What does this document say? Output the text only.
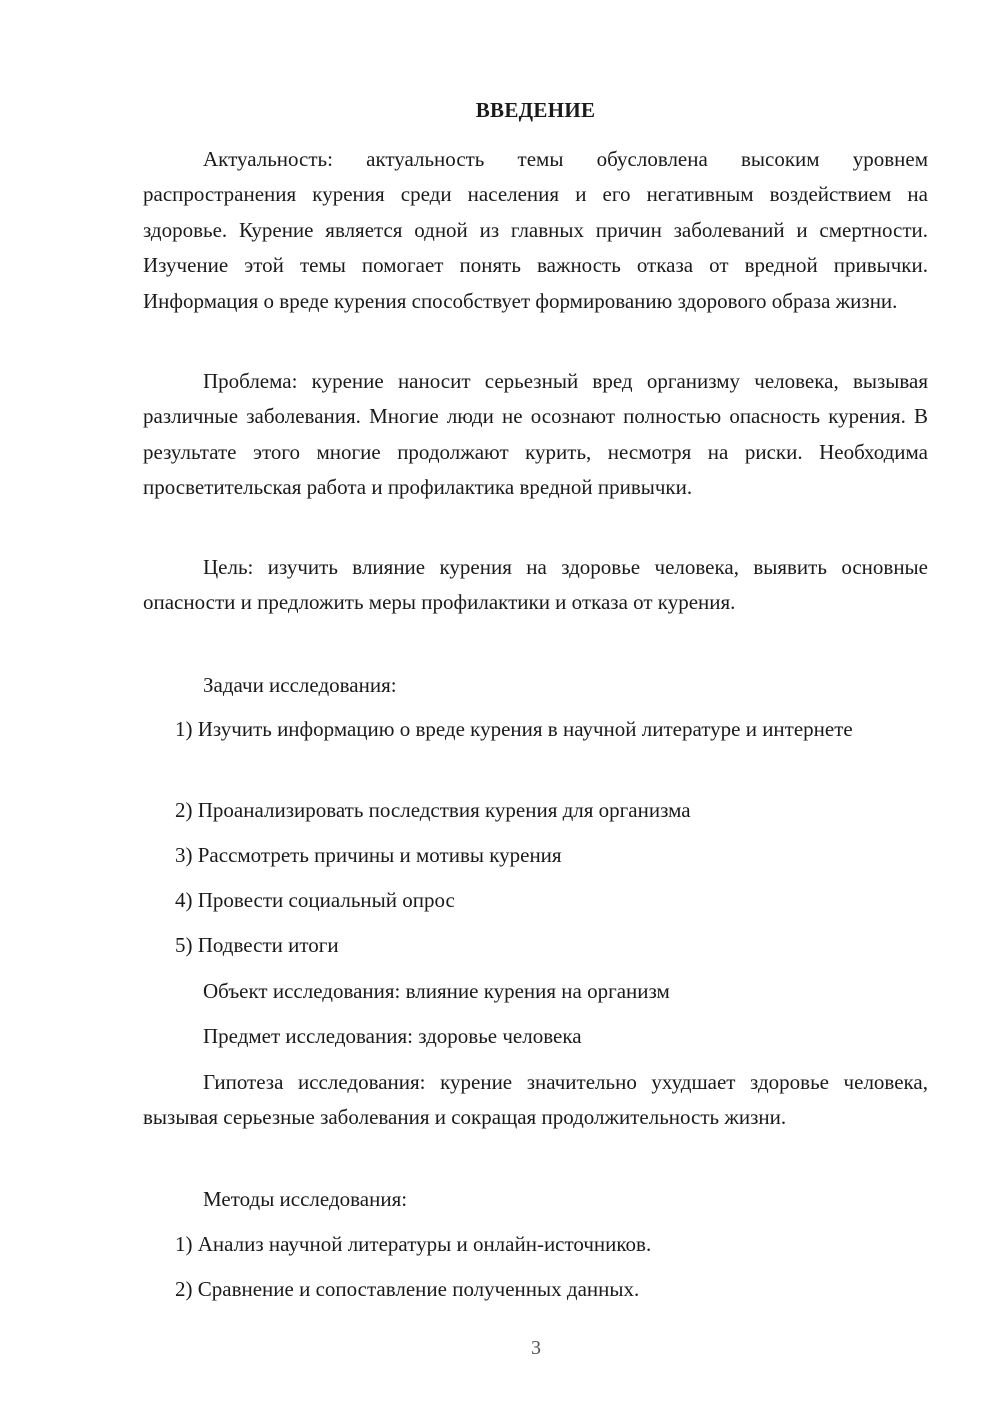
ВВЕДЕНИЕ

Актуальность: актуальность темы обусловлена высоким уровнем распространения курения среди населения и его негативным воздействием на здоровье. Курение является одной из главных причин заболеваний и смертности. Изучение этой темы помогает понять важность отказа от вредной привычки. Информация о вреде курения способствует формированию здорового образа жизни.

Проблема: курение наносит серьезный вред организму человека, вызывая различные заболевания. Многие люди не осознают полностью опасность курения. В результате этого многие продолжают курить, несмотря на риски. Необходима просветительская работа и профилактика вредной привычки.

Цель: изучить влияние курения на здоровье человека, выявить основные опасности и предложить меры профилактики и отказа от курения.

Задачи исследования:

1) Изучить информацию о вреде курения в научной литературе и интернете

2) Проанализировать последствия курения для организма
3) Рассмотреть причины и мотивы курения
4) Провести социальный опрос
5) Подвести итоги
Объект исследования: влияние курения на организм
Предмет исследования: здоровье человека

Гипотеза исследования: курение значительно ухудшает здоровье человека, вызывая серьезные заболевания и сокращая продолжительность жизни.

Методы исследования:
1) Анализ научной литературы и онлайн-источников.
2) Сравнение и сопоставление полученных данных.
3
